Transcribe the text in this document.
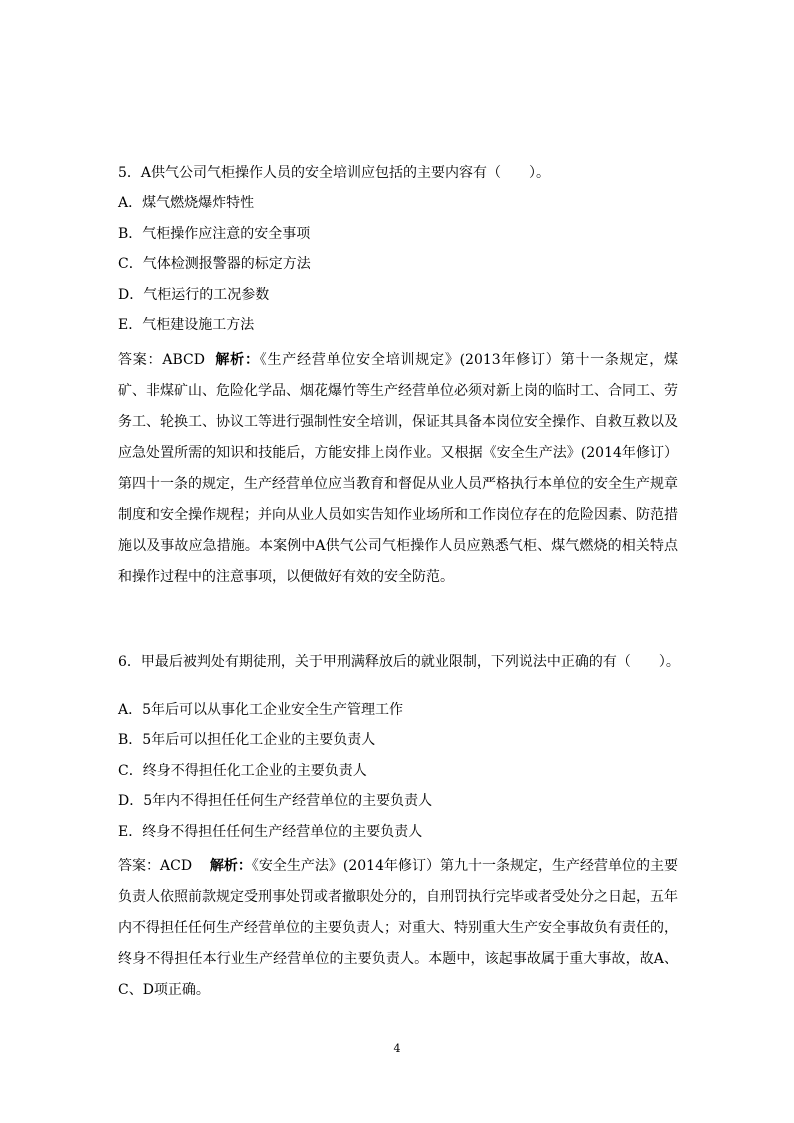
5．A供气公司气柜操作人员的安全培训应包括的主要内容有（　　）。

A．煤气燃烧爆炸特性

B．气柜操作应注意的安全事项

C．气体检测报警器的标定方法

D．气柜运行的工况参数

E．气柜建设施工方法

答案：ABCD 解析：《生产经营单位安全培训规定》(2013年修订）第十一条规定，煤矿、非煤矿山、危险化学品、烟花爆竹等生产经营单位必须对新上岗的临时工、合同工、劳务工、轮换工、协议工等进行强制性安全培训，保证其具备本岗位安全操作、自救互救以及应急处置所需的知识和技能后，方能安排上岗作业。又根据《安全生产法》(2014年修订）第四十一条的规定，生产经营单位应当教育和督促从业人员严格执行本单位的安全生产规章制度和安全操作规程；并向从业人员如实告知作业场所和工作岗位存在的危险因素、防范措施以及事故应急措施。本案例中A供气公司气柜操作人员应熟悉气柜、煤气燃烧的相关特点和操作过程中的注意事项，以便做好有效的安全防范。

6．甲最后被判处有期徒刑，关于甲刑满释放后的就业限制，下列说法中正确的有（　　）。

A．5年后可以从事化工企业安全生产管理工作

B．5年后可以担任化工企业的主要负责人

C．终身不得担任化工企业的主要负责人

D．5年内不得担任任何生产经营单位的主要负责人

E．终身不得担任任何生产经营单位的主要负责人

答案：ACD 解析：《安全生产法》(2014年修订）第九十一条规定，生产经营单位的主要负责人依照前款规定受刑事处罚或者撤职处分的，自刑罚执行完毕或者受处分之日起，五年内不得担任任何生产经营单位的主要负责人；对重大、特别重大生产安全事故负有责任的，终身不得担任本行业生产经营单位的主要负责人。本题中，该起事故属于重大事故，故A、C、D项正确。

4
